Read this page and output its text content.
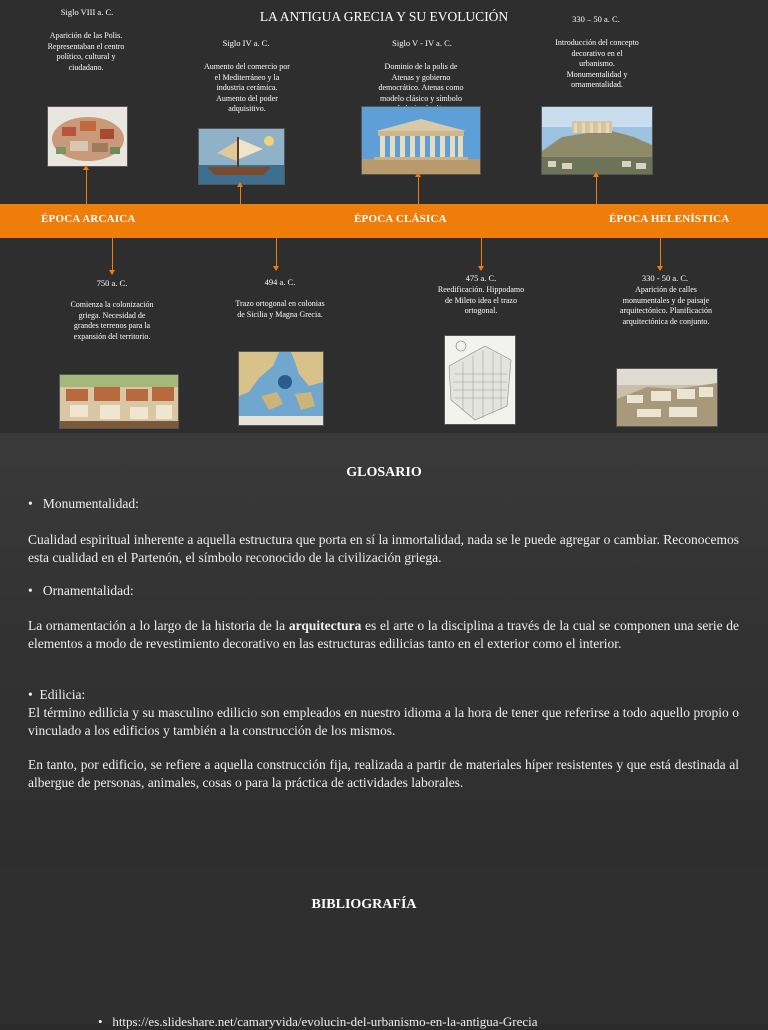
LA ANTIGUA GRECIA Y SU EVOLUCIÓN
Siglo VIII a. C.
Aparición de las Polis. Representaban el centro político, cultural y ciudadano.
Siglo IV a. C.
Aumento del comercio por el Mediterráneo y la industria cerámica. Aumento del poder adquisitivo.
Siglo V - IV a. C.
Dominio de la polis de Atenas y gobierno democrático. Atenas como modelo clásico y símbolo
330 – 50 a. C.
Introducción del concepto decorativo en el urbanismo. Monumentalidad y ornamentalidad.
ÉPOCA ARCAICA	ÉPOCA CLÁSICA	ÉPOCA HELENÍSTICA
750 a. C.
Comienza la colonización griega. Necesidad de grandes terrenos para la expansión del territorio.
494 a. C.
Trazo ortogonal en colonias de Sicilia y Magna Grecia.
475 a. C.
Reedificación. Hippodamo de Mileto idea el trazo ortogonal.
330 - 50 a. C.
Aparición de calles monumentales y de paisaje arquitectónico. Planificación arquitectónica de conjunto.
GLOSARIO
•   Monumentalidad:
Cualidad espiritual inherente a aquella estructura que porta en sí la inmortalidad, nada se le puede agregar o cambiar. Reconocemos esta cualidad en el Partenón, el símbolo reconocido de la civilización griega.
•   Ornamentalidad:
La ornamentación a lo largo de la historia de la arquitectura es el arte o la disciplina a través de la cual se componen una serie de elementos a modo de revestimiento decorativo en las estructuras edilicias tanto en el exterior como el interior.
•  Edilicia:
El término edilicia y su masculino edilicio son empleados en nuestro idioma a la hora de tener que referirse a todo aquello propio o vinculado a los edificios y también a la construcción de los mismos.
En tanto, por edificio, se refiere a aquella construcción fija, realizada a partir de materiales híper resistentes y que está destinada al albergue de personas, animales, cosas o para la práctica de actividades laborales.
BIBLIOGRAFÍA
•   https://es.slideshare.net/camaryvida/evolucin-del-urbanismo-en-la-antigua-Grecia
